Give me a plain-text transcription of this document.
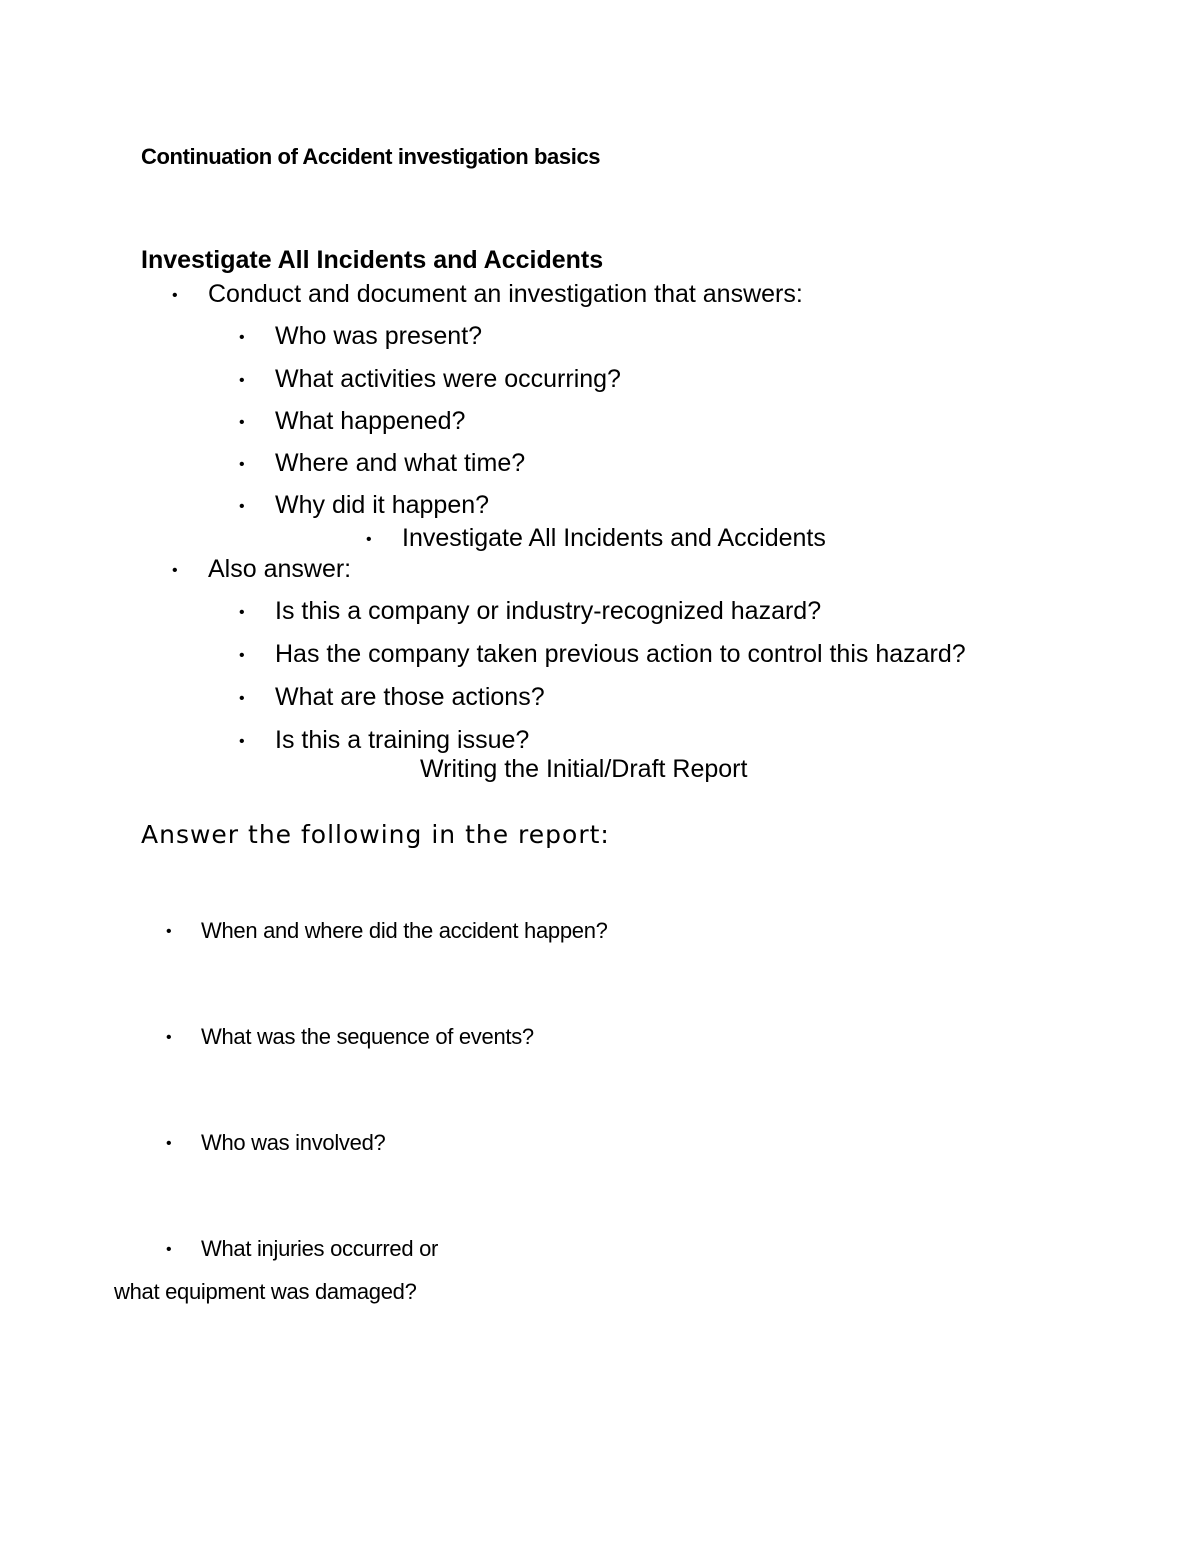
Continuation of Accident investigation basics
Investigate All Incidents and Accidents
• Conduct and document an investigation that answers:
• Who was present?
• What activities were occurring?
• What happened?
• Where and what time?
• Why did it happen?
• Investigate All Incidents and Accidents
• Also answer:
• Is this a company or industry-recognized hazard?
• Has the company taken previous action to control this hazard?
• What are those actions?
• Is this a training issue?
Writing the Initial/Draft Report
Answer the following in the report:
• When and where did the accident happen?
• What was the sequence of events?
• Who was involved?
• What injuries occurred or
what equipment was damaged?
